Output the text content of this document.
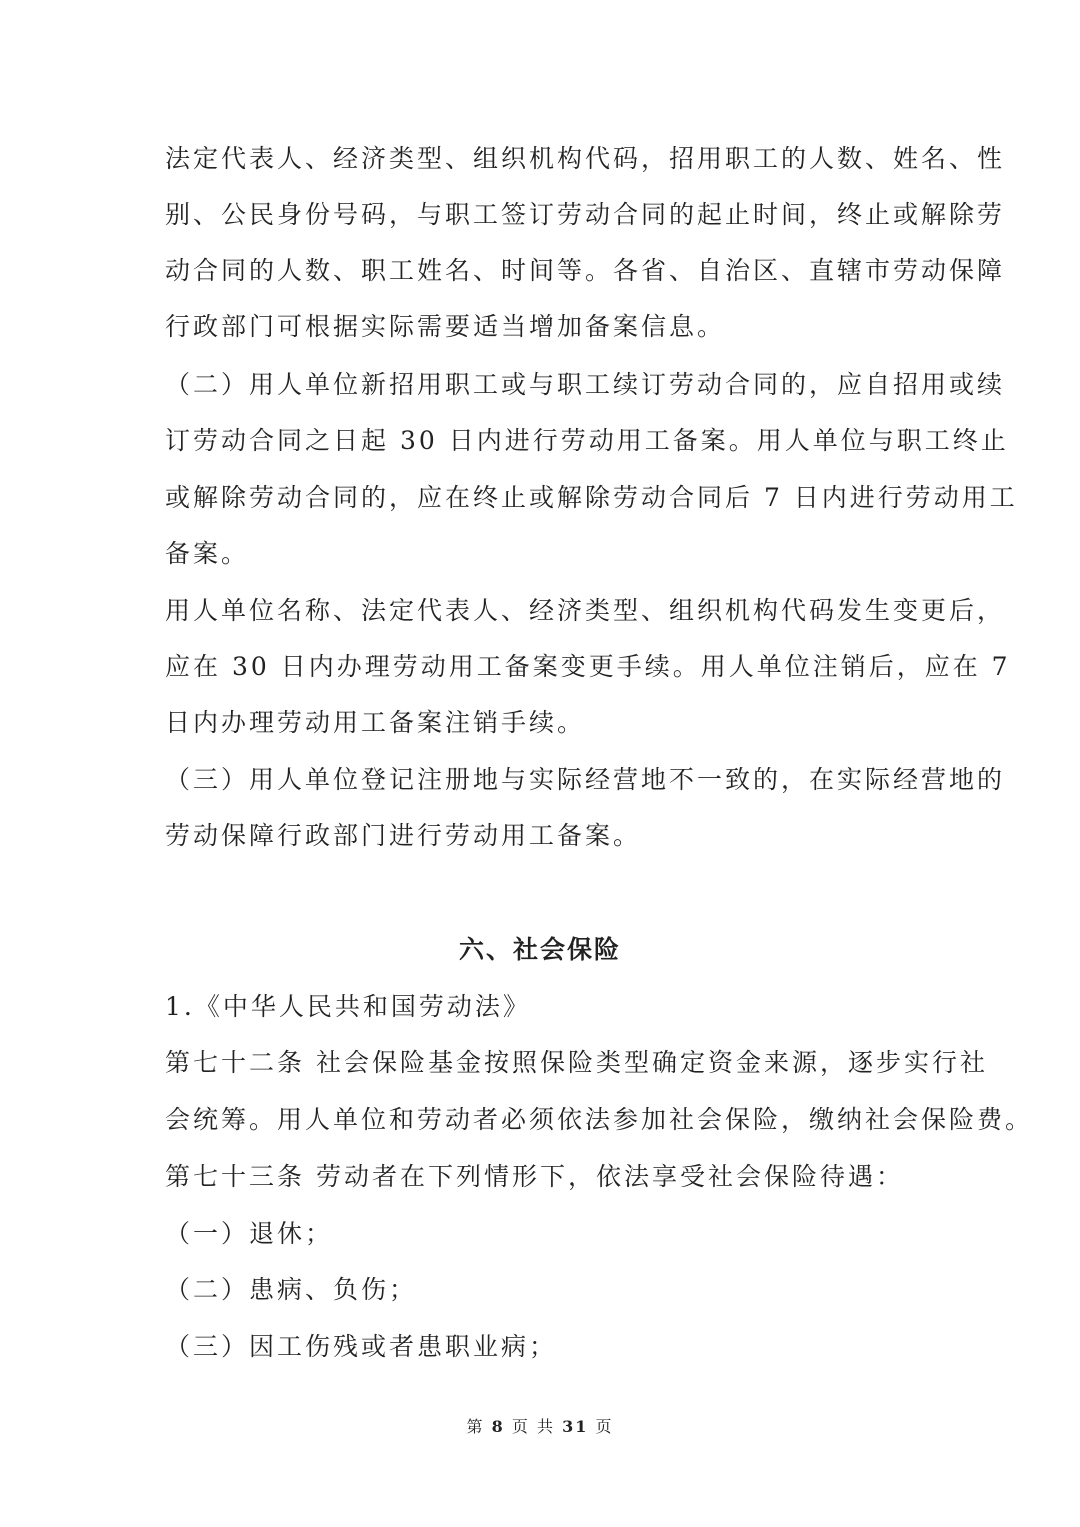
法定代表人、经济类型、组织机构代码，招用职工的人数、姓名、性
别、公民身份号码，与职工签订劳动合同的起止时间，终止或解除劳
动合同的人数、职工姓名、时间等。各省、自治区、直辖市劳动保障
行政部门可根据实际需要适当增加备案信息。
（二）用人单位新招用职工或与职工续订劳动合同的，应自招用或续
订劳动合同之日起 30 日内进行劳动用工备案。用人单位与职工终止
或解除劳动合同的，应在终止或解除劳动合同后 7 日内进行劳动用工
备案。
用人单位名称、法定代表人、经济类型、组织机构代码发生变更后，
应在 30 日内办理劳动用工备案变更手续。用人单位注销后，应在 7
日内办理劳动用工备案注销手续。
（三）用人单位登记注册地与实际经营地不一致的，在实际经营地的
劳动保障行政部门进行劳动用工备案。
六、社会保险
1.《中华人民共和国劳动法》
第七十二条 社会保险基金按照保险类型确定资金来源，逐步实行社
会统筹。用人单位和劳动者必须依法参加社会保险，缴纳社会保险费。
第七十三条 劳动者在下列情形下，依法享受社会保险待遇：
（一）退休；
（二）患病、负伤；
（三）因工伤残或者患职业病；
第 8 页 共 31 页
